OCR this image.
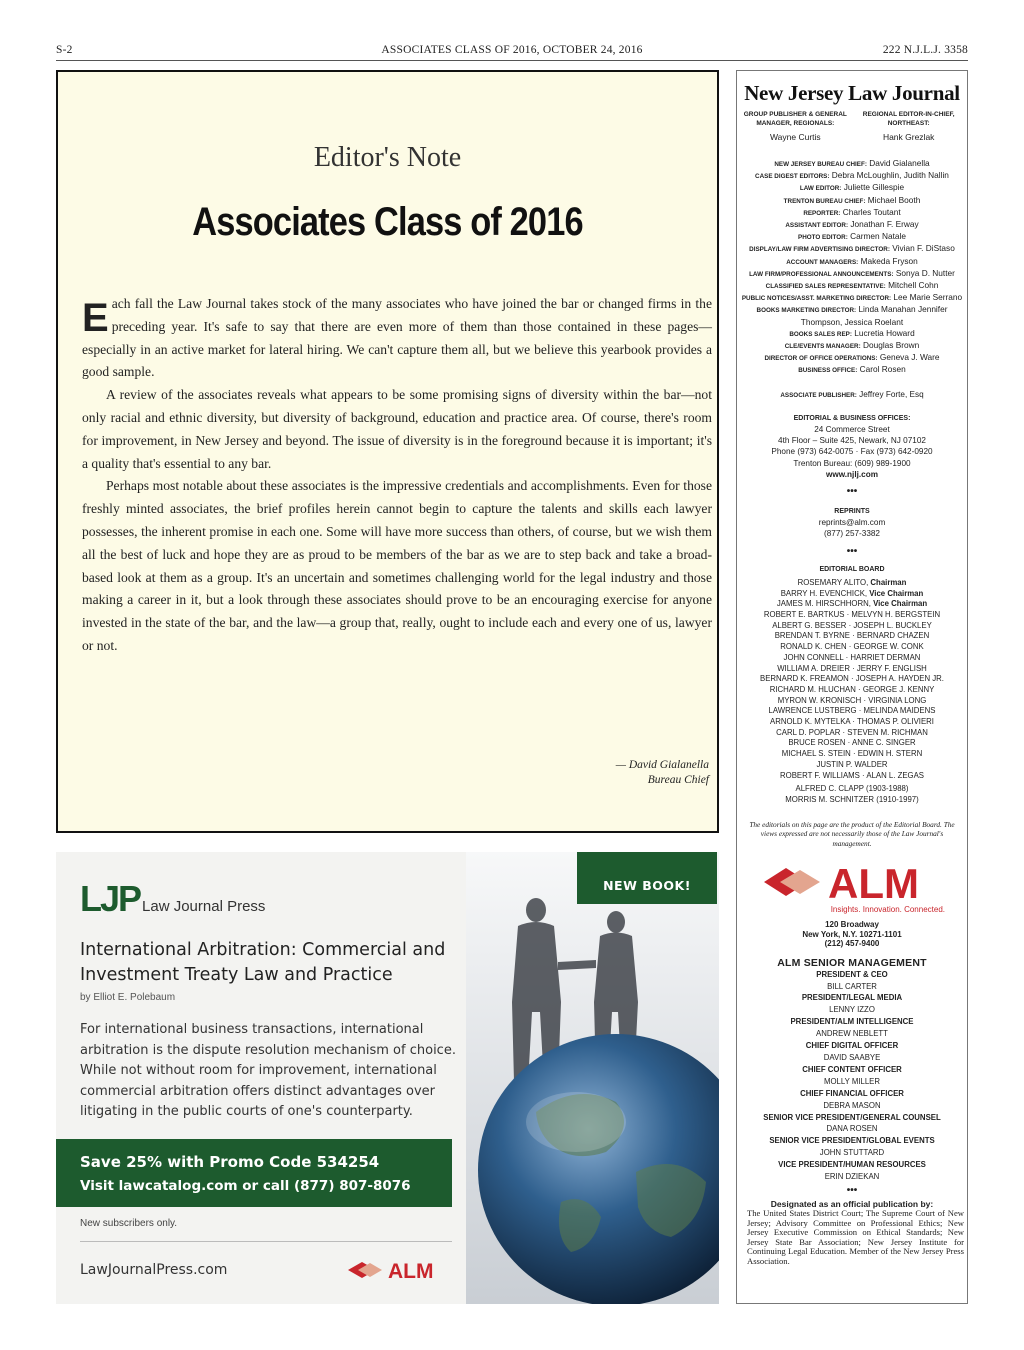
S-2	ASSOCIATES CLASS OF 2016, OCTOBER 24, 2016	222 N.J.L.J. 3358
Editor's Note
Associates Class of 2016

Each fall the Law Journal takes stock of the many associates who have joined the bar or changed firms in the preceding year. It's safe to say that there are even more of them than those contained in these pages—especially in an active market for lateral hiring. We can't capture them all, but we believe this yearbook provides a good sample.

A review of the associates reveals what appears to be some promising signs of diversity within the bar—not only racial and ethnic diversity, but diversity of background, education and practice area. Of course, there's room for improvement, in New Jersey and beyond. The issue of diversity is in the foreground because it is important; it's a quality that's essential to any bar.

Perhaps most notable about these associates is the impressive credentials and accomplishments. Even for those freshly minted associates, the brief profiles herein cannot begin to capture the talents and skills each lawyer possesses, the inherent promise in each one. Some will have more success than others, of course, but we wish them all the best of luck and hope they are as proud to be members of the bar as we are to step back and take a broad-based look at them as a group. It's an uncertain and sometimes challenging world for the legal industry and those making a career in it, but a look through these associates should prove to be an encouraging exercise for anyone invested in the state of the bar, and the law—a group that, really, ought to include each and every one of us, lawyer or not.

— David Gialanella
Bureau Chief
NEW BOOK!
LJP Law Journal Press
International Arbitration: Commercial and Investment Treaty Law and Practice
by Elliot E. Polebaum
For international business transactions, international arbitration is the dispute resolution mechanism of choice. While not without room for improvement, international commercial arbitration offers distinct advantages over litigating in the public courts of one's counterparty.
Save 25% with Promo Code 534254
Visit lawcatalog.com or call (877) 807-8076
New subscribers only.
LawJournalPress.com	ALM
New Jersey Law Journal
GROUP PUBLISHER & GENERAL MANAGER, REGIONALS:
Wayne Curtis
REGIONAL EDITOR-IN-CHIEF, NORTHEAST:
Hank Grezlak
NEW JERSEY BUREAU CHIEF: David Gialanella
CASE DIGEST EDITORS: Debra McLoughlin, Judith Nallin
LAW EDITOR: Juliette Gillespie
TRENTON BUREAU CHIEF: Michael Booth
REPORTER: Charles Toutant
ASSISTANT EDITOR: Jonathan F. Erway
PHOTO EDITOR: Carmen Natale
DISPLAY/LAW FIRM ADVERTISING DIRECTOR: Vivian F. DiStaso
ACCOUNT MANAGERS: Makeda Fryson
LAW FIRM/PROFESSIONAL ANNOUNCEMENTS: Sonya D. Nutter
CLASSIFIED SALES REPRESENTATIVE: Mitchell Cohn
PUBLIC NOTICES/ASST. MARKETING DIRECTOR: Lee Marie Serrano
BOOKS MARKETING DIRECTOR: Linda Manahan Jennifer Thompson, Jessica Roelant
BOOKS SALES REP: Lucretia Howard
CLE/EVENTS MANAGER: Douglas Brown
DIRECTOR OF OFFICE OPERATIONS: Geneva J. Ware
BUSINESS OFFICE: Carol Rosen
ASSOCIATE PUBLISHER: Jeffrey Forte, Esq
EDITORIAL & BUSINESS OFFICES:
24 Commerce Street
4th Floor – Suite 425, Newark, NJ 07102
Phone (973) 642-0075 · Fax (973) 642-0920
Trenton Bureau: (609) 989-1900
www.njlj.com
•••
REPRINTS
reprints@alm.com
(877) 257-3382
•••
EDITORIAL BOARD
ROSEMARY ALITO, Chairman
BARRY H. EVENCHICK, Vice Chairman
JAMES M. HIRSCHHORN, Vice Chairman
ROBERT E. BARTKUS · MELVYN H. BERGSTEIN
ALBERT G. BESSER · JOSEPH L. BUCKLEY
BRENDAN T. BYRNE · BERNARD CHAZEN
RONALD K. CHEN · GEORGE W. CONK
JOHN CONNELL · HARRIET DERMAN
WILLIAM A. DREIER · JERRY F. ENGLISH
BERNARD K. FREAMON · JOSEPH A. HAYDEN JR.
RICHARD M. HLUCHAN · GEORGE J. KENNY
MYRON W. KRONISCH · VIRGINIA LONG
LAWRENCE LUSTBERG · MELINDA MAIDENS
ARNOLD K. MYTELKA · THOMAS P. OLIVIERI
CARL D. POPLAR · STEVEN M. RICHMAN
BRUCE ROSEN · ANNE C. SINGER
MICHAEL S. STEIN · EDWIN H. STERN
JUSTIN P. WALDER
ROBERT F. WILLIAMS · ALAN L. ZEGAS
ALFRED C. CLAPP (1903-1988)
MORRIS M. SCHNITZER (1910-1997)
The editorials on this page are the product of the Editorial Board. The views expressed are not necessarily those of the Law Journal's management.
ALM
Insights. Innovation. Connected.
120 Broadway
New York, N.Y. 10271-1101
(212) 457-9400
ALM SENIOR MANAGEMENT
PRESIDENT & CEO
BILL CARTER
PRESIDENT/LEGAL MEDIA
LENNY IZZO
PRESIDENT/ALM INTELLIGENCE
ANDREW NEBLETT
CHIEF DIGITAL OFFICER
DAVID SAABYE
CHIEF CONTENT OFFICER
MOLLY MILLER
CHIEF FINANCIAL OFFICER
DEBRA MASON
SENIOR VICE PRESIDENT/GENERAL COUNSEL
DANA ROSEN
SENIOR VICE PRESIDENT/GLOBAL EVENTS
JOHN STUTTARD
VICE PRESIDENT/HUMAN RESOURCES
ERIN DZIEKAN
•••
Designated as an official publication by:
The United States District Court; The Supreme Court of New Jersey; Advisory Committee on Professional Ethics; New Jersey Executive Commission on Ethical Standards; New Jersey State Bar Association; New Jersey Institute for Continuing Legal Education. Member of the New Jersey Press Association.
